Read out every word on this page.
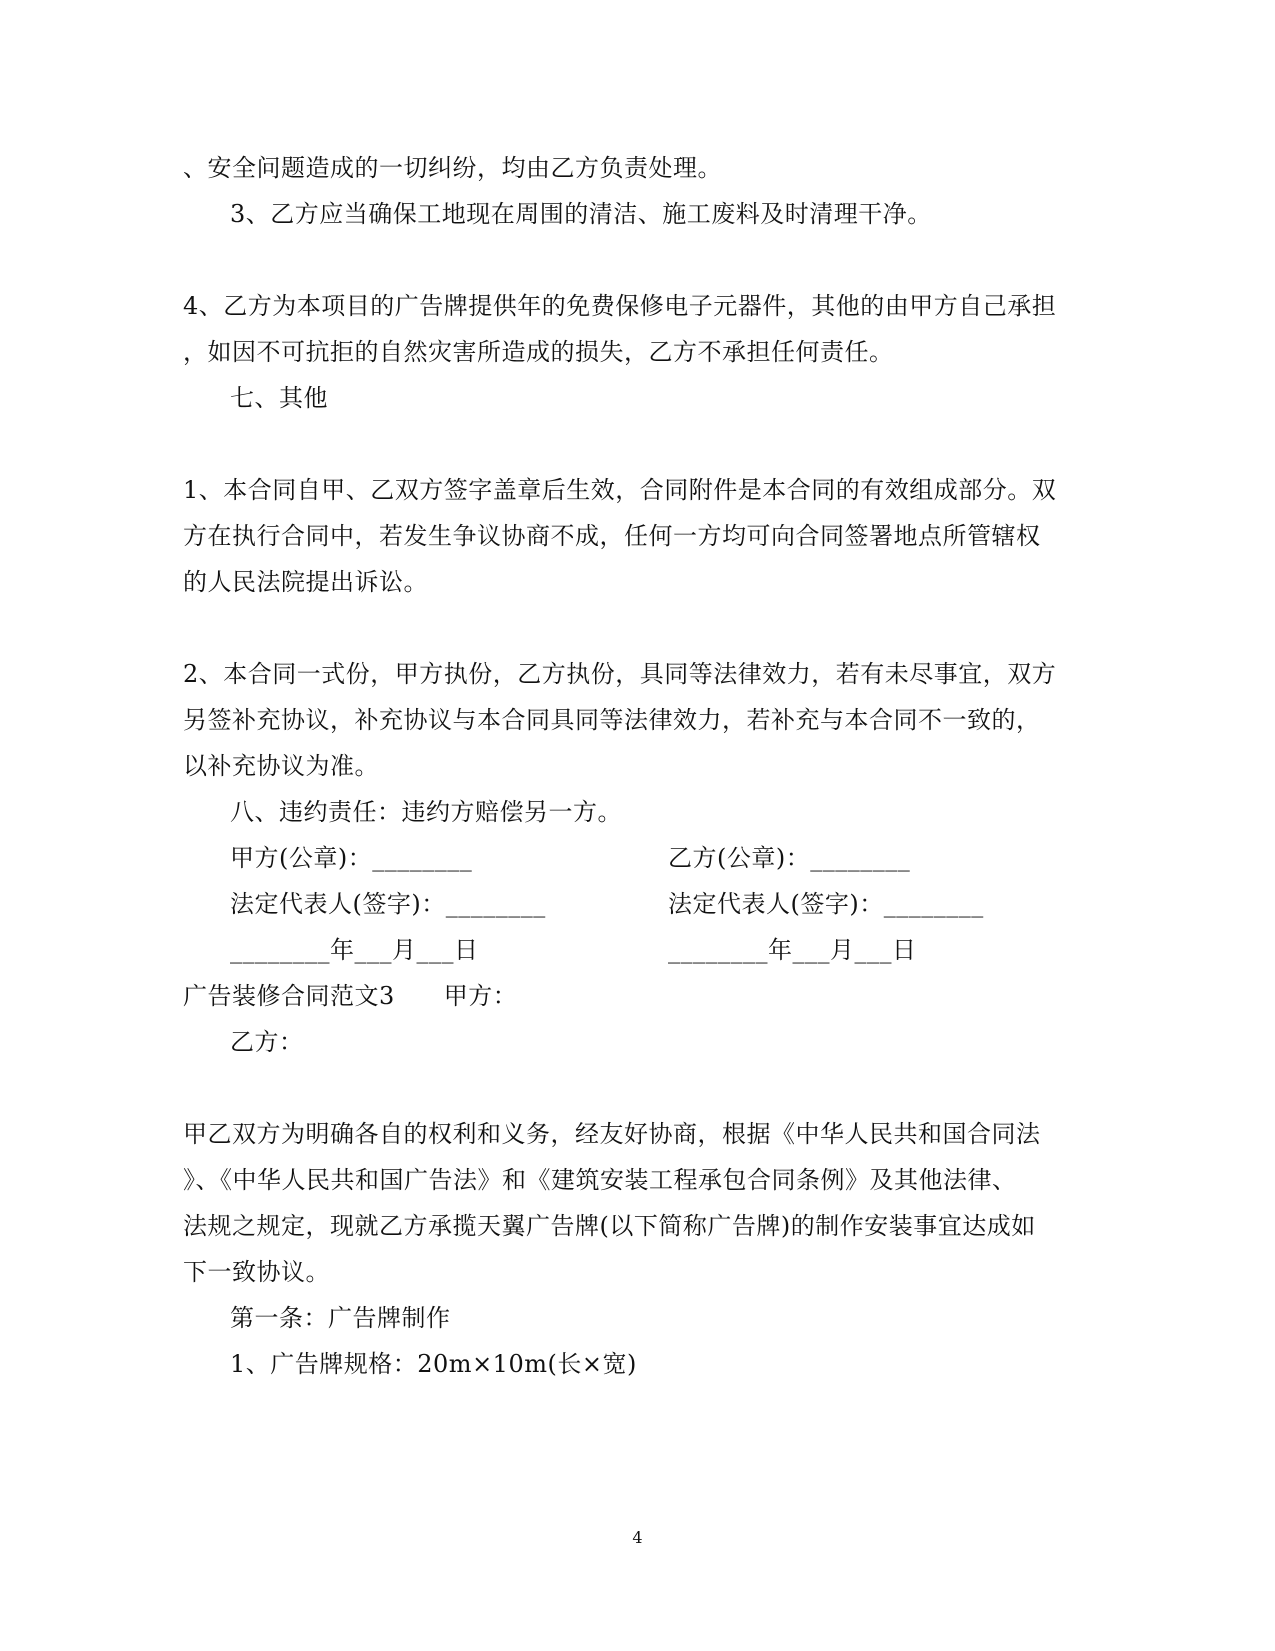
、安全问题造成的一切纠纷，均由乙方负责处理。
3、乙方应当确保工地现在周围的清洁、施工废料及时清理干净。
4、乙方为本项目的广告牌提供年的免费保修电子元器件，其他的由甲方自己承担
，如因不可抗拒的自然灾害所造成的损失，乙方不承担任何责任。
七、其他
1、本合同自甲、乙双方签字盖章后生效，合同附件是本合同的有效组成部分。双
方在执行合同中，若发生争议协商不成，任何一方均可向合同签署地点所管辖权
的人民法院提出诉讼。
2、本合同一式份，甲方执份，乙方执份，具同等法律效力，若有未尽事宜，双方
另签补充协议，补充协议与本合同具同等法律效力，若补充与本合同不一致的，
以补充协议为准。
八、违约责任：违约方赔偿另一方。
甲方(公章)：________	乙方(公章)：________
法定代表人(签字)：________	法定代表人(签字)：________
________年___月___日	________年___月___日
广告装修合同范文3　　甲方：
乙方：
甲乙双方为明确各自的权利和义务，经友好协商，根据《中华人民共和国合同法
》、《中华人民共和国广告法》和《建筑安装工程承包合同条例》及其他法律、
法规之规定，现就乙方承揽天翼广告牌(以下简称广告牌)的制作安装事宜达成如
下一致协议。
第一条：广告牌制作
1、广告牌规格：20m×10m(长×宽)
4
